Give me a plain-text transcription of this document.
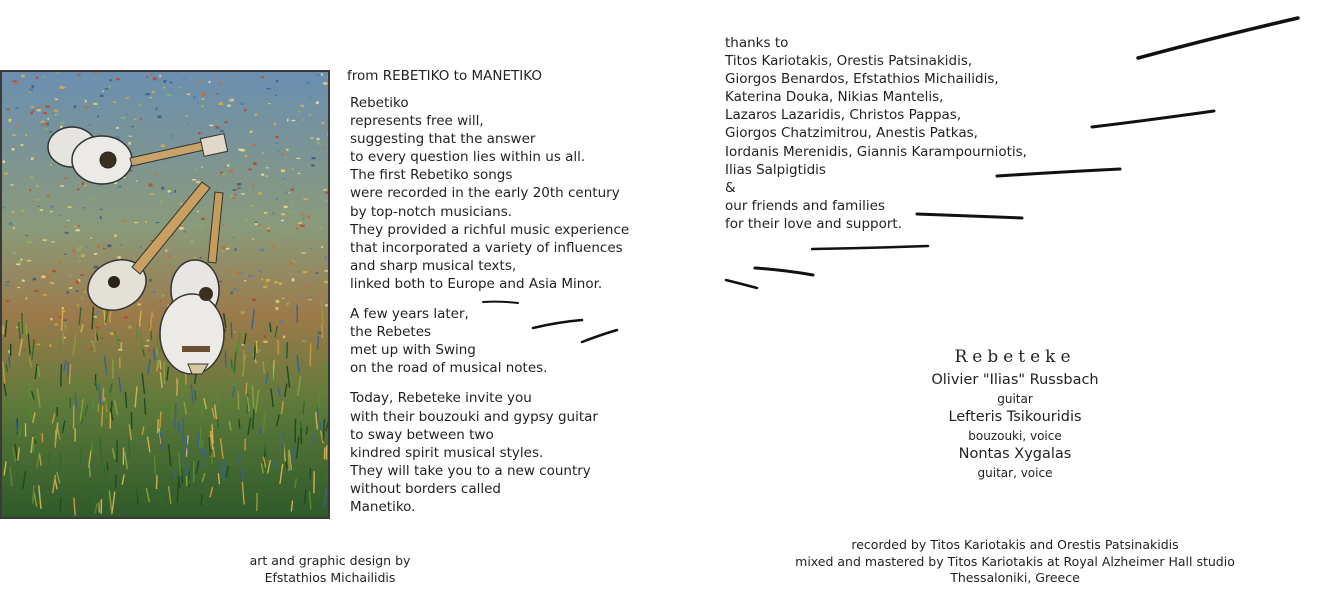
from REBETIKO to MANETIKO
Rebetiko
represents free will,
suggesting that the answer
to every question lies within us all.
The first Rebetiko songs
were recorded in the early 20th century
by top-notch musicians.
They provided a richful music experience
that incorporated a variety of influences
and sharp musical texts,
linked both to Europe and Asia Minor.
A few years later,
the Rebetes
met up with Swing
on the road of musical notes.
Today, Rebeteke invite you
with their bouzouki and gypsy guitar
to sway between two
kindred spirit musical styles.
They will take you to a new country
without borders called
Manetiko.
art and graphic design by
Efstathios Michailidis
thanks to
Titos Kariotakis, Orestis Patsinakidis,
Giorgos Benardos, Efstathios Michailidis,
Katerina Douka, Nikias Mantelis,
Lazaros Lazaridis, Christos Pappas,
Giorgos Chatzimitrou, Anestis Patkas,
Iordanis Merenidis, Giannis Karampourniotis,
Ilias Salpigtidis
&
our friends and families
for their love and support.
Rebeteke
Olivier "Ilias" Russbach
guitar
Lefteris Tsikouridis
bouzouki, voice
Nontas Xygalas
guitar, voice
recorded by Titos Kariotakis and Orestis Patsinakidis
mixed and mastered by Titos Kariotakis at Royal Alzheimer Hall studio
Thessaloniki, Greece
